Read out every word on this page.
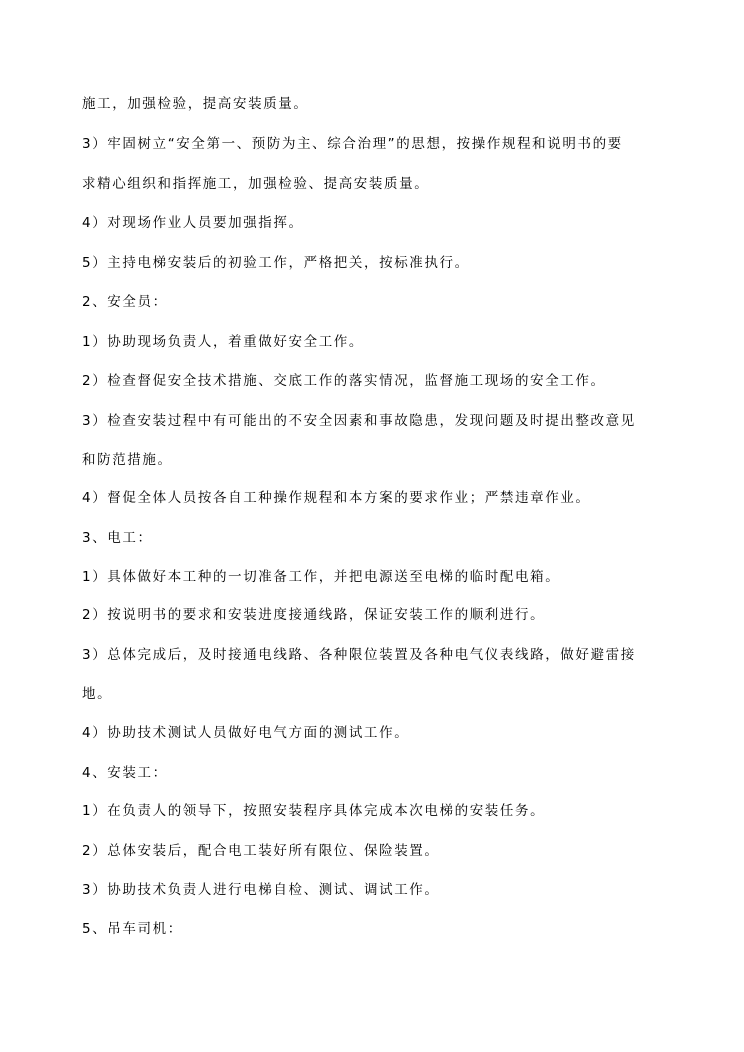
施工，加强检验，提高安装质量。
3）牢固树立“安全第一、预防为主、综合治理”的思想，按操作规程和说明书的要
求精心组织和指挥施工，加强检验、提高安装质量。
4）对现场作业人员要加强指挥。
5）主持电梯安装后的初验工作，严格把关，按标准执行。
2、安全员：
1）协助现场负责人，着重做好安全工作。
2）检查督促安全技术措施、交底工作的落实情况，监督施工现场的安全工作。
3）检查安装过程中有可能出的不安全因素和事故隐患，发现问题及时提出整改意见
和防范措施。
4）督促全体人员按各自工种操作规程和本方案的要求作业；严禁违章作业。
3、电工：
1）具体做好本工种的一切准备工作，并把电源送至电梯的临时配电箱。
2）按说明书的要求和安装进度接通线路，保证安装工作的顺利进行。
3）总体完成后，及时接通电线路、各种限位装置及各种电气仪表线路，做好避雷接
地。
4）协助技术测试人员做好电气方面的测试工作。
4、安装工：
1）在负责人的领导下，按照安装程序具体完成本次电梯的安装任务。
2）总体安装后，配合电工装好所有限位、保险装置。
3）协助技术负责人进行电梯自检、测试、调试工作。
5、吊车司机：
